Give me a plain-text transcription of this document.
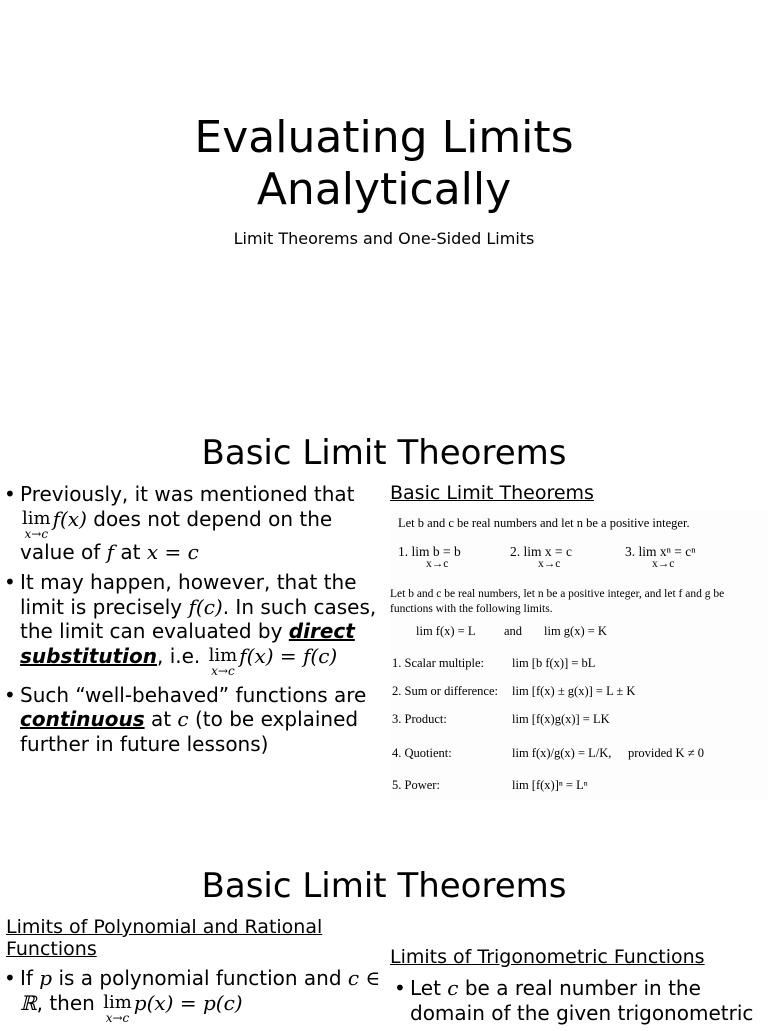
Evaluating Limits
Analytically
Limit Theorems and One-Sided Limits
Basic Limit Theorems
• Previously, it was mentioned that
lim
x→c
f(x) does not depend on the value of f at x = c
• It may happen, however, that the limit is precisely f(c). In such cases, the limit can evaluated by direct substitution, i.e. lim
x→c
f(x) = f(c)
• Such “well-behaved” functions are continuous at c (to be explained further in future lessons)
Basic Limit Theorems
Let b and c be real numbers and let n be a positive integer.
1. lim b = b	2. lim x = c	3. lim xⁿ = cⁿ
x→c	x→c	x→c
Let b and c be real numbers, let n be a positive integer, and let f and g be
functions with the following limits.
lim f(x) = L and lim g(x) = K
1. Scalar multiple: lim [b f(x)] = bL
2. Sum or difference: lim [f(x) ± g(x)] = L ± K
3. Product:	lim [f(x)g(x)] = LK
4. Quotient:	lim f(x)/g(x) = L/K, provided K ≠ 0
5. Power:	lim [f(x)]ⁿ = Lⁿ
Basic Limit Theorems
Limits of Polynomial and Rational Functions
• If p is a polynomial function and c ∈ ℝ, then lim
x→c
p(x) = p(c)
Limits of Trigonometric Functions
• Let c be a real number in the domain of the given trigonometric
